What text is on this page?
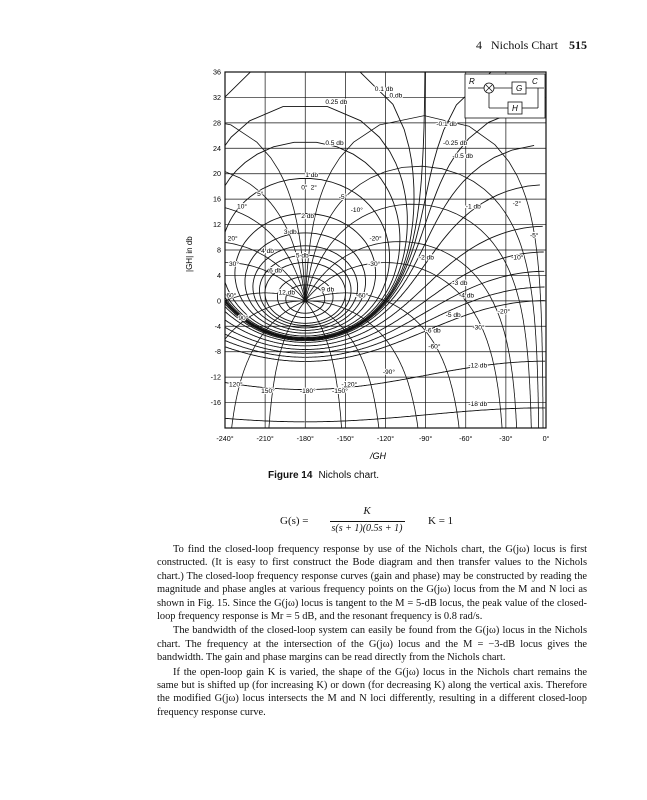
4 Nichols Chart 515
36
32
28
24
20
16
12
8
4
0
-4
-8
-12
-16
-240°	-210°	-180°	-150°	-120°	-90°	-60°	-30°	0°
0.1 db
0 db
0.25 db
-0.1 db
-0.25 db
0.5 db
-0.5 db
1 db
-1 db
2 db
-2 db
3 db
-3 db
4 db
-4 db
5 db
-5 db
6 db
-6 db
9 db
12 db
-12 db
-18 db
-2°
0° 2°
5°	-5°
10°	-10°
20°	-20°
30°	-30°
60°	-60°
90°
-90°
120°	-120°
150°	-150°
-180°
-5°
-10°
-20°
-30°
-60°
|GH| in db
/GH
R
G
C
H
Figure 14 Nichols chart.
G(s) =
K
s(s + 1)(0.5s + 1)
K = 1

To find the closed-loop frequency response by use of the Nichols chart, the G(jω) locus is first constructed. (It is easy to first construct the Bode diagram and then transfer values to the Nichols chart.) The closed-loop frequency response curves (gain and phase) may be constructed by reading the magnitude and phase angles at various frequency points on the G(jω) locus from the M and N loci as shown in Fig. 15. Since the G(jω) locus is tangent to the M = 5-dB locus, the peak value of the closed-loop frequency response is Mr = 5 dB, and the resonant frequency is 0.8 rad/s.

The bandwidth of the closed-loop system can easily be found from the G(jω) locus in the Nichols chart. The frequency at the intersection of the G(jω) locus and the M = −3-dB locus gives the bandwidth. The gain and phase margins can be read directly from the Nichols chart.

If the open-loop gain K is varied, the shape of the G(jω) locus in the Nichols chart remains the same but is shifted up (for increasing K) or down (for decreasing K) along the vertical axis. Therefore the modified G(jω) locus intersects the M and N loci differently, resulting in a different closed-loop frequency response curve.
